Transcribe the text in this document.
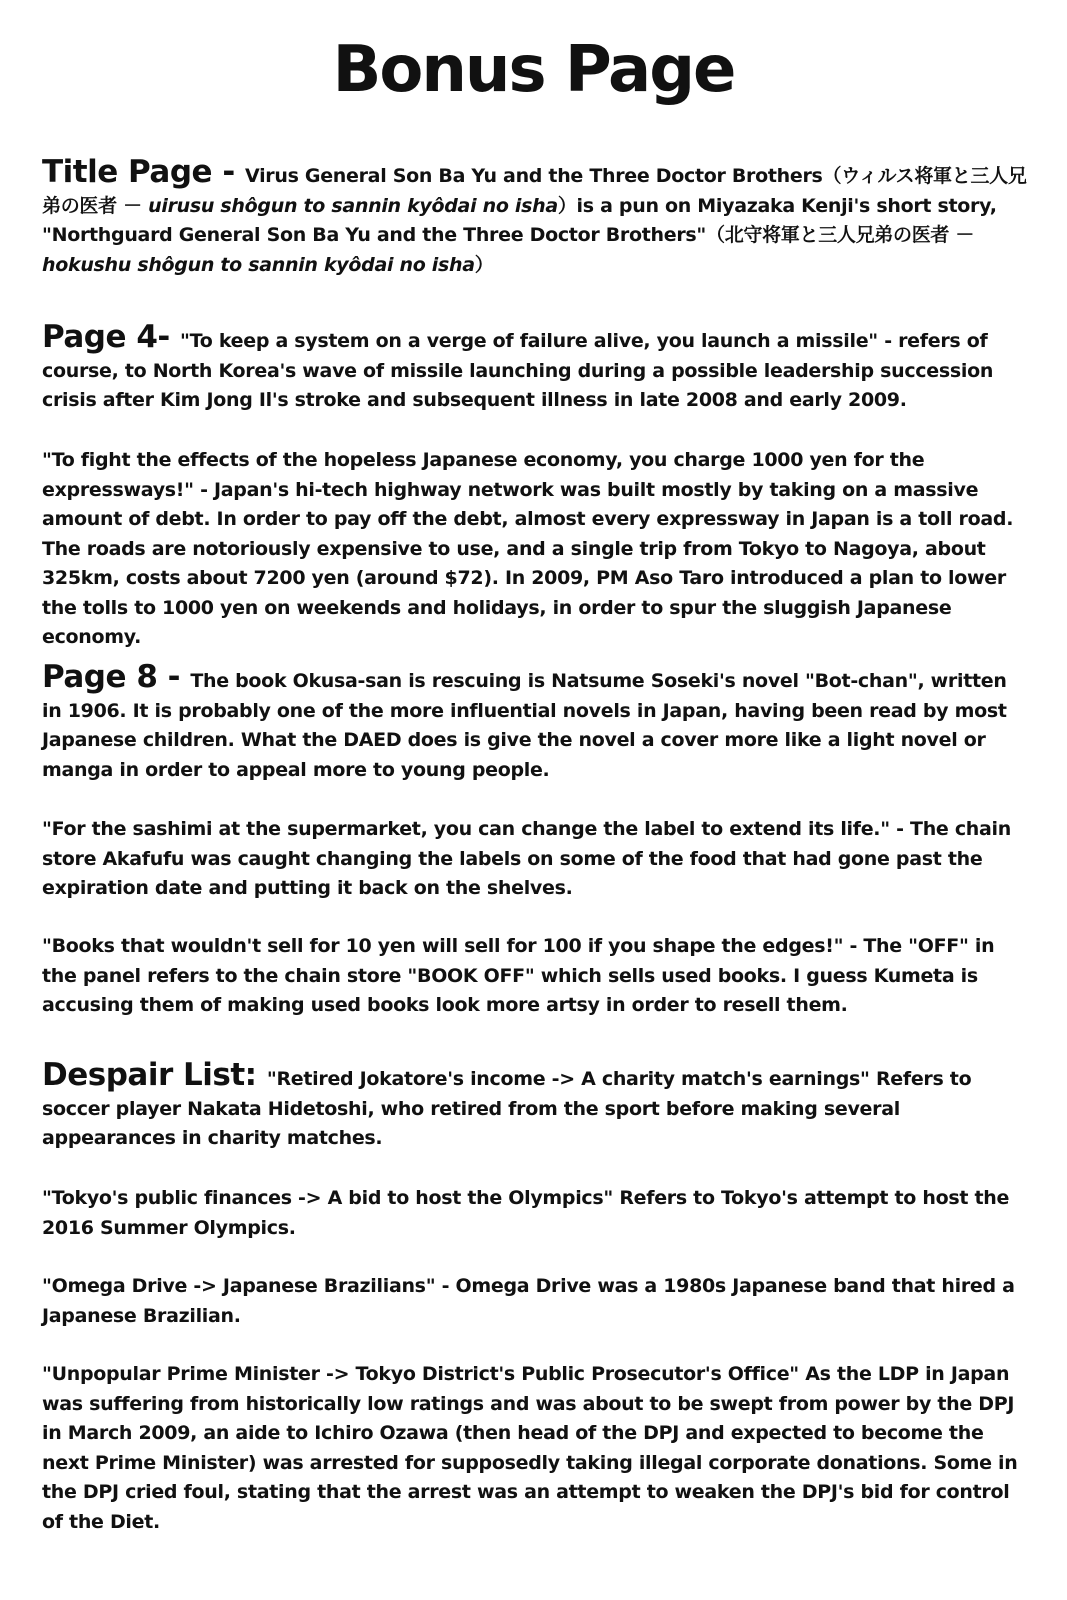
Bonus Page
Title Page - Virus General Son Ba Yu and the Three Doctor Brothers（ウィルス将軍と三人兄弟の医者 － uirusu shôgun to sannin kyôdai no isha）is a pun on Miyazaka Kenji's short story, "Northguard General Son Ba Yu and the Three Doctor Brothers"（北守将軍と三人兄弟の医者 － hokushu shôgun to sannin kyôdai no isha）
Page 4- "To keep a system on a verge of failure alive, you launch a missile" - refers of course, to North Korea's wave of missile launching during a possible leadership succession crisis after Kim Jong Il's stroke and subsequent illness in late 2008 and early 2009.
"To fight the effects of the hopeless Japanese economy, you charge 1000 yen for the expressways!" - Japan's hi-tech highway network was built mostly by taking on a massive amount of debt. In order to pay off the debt, almost every expressway in Japan is a toll road. The roads are notoriously expensive to use, and a single trip from Tokyo to Nagoya, about 325km, costs about 7200 yen (around $72). In 2009, PM Aso Taro introduced a plan to lower the tolls to 1000 yen on weekends and holidays, in order to spur the sluggish Japanese economy.
Page 8 - The book Okusa-san is rescuing is Natsume Soseki's novel "Bot-chan", written in 1906. It is probably one of the more influential novels in Japan, having been read by most Japanese children. What the DAED does is give the novel a cover more like a light novel or manga in order to appeal more to young people.
"For the sashimi at the supermarket, you can change the label to extend its life." - The chain store Akafufu was caught changing the labels on some of the food that had gone past the expiration date and putting it back on the shelves.
"Books that wouldn't sell for 10 yen will sell for 100 if you shape the edges!" - The "OFF" in the panel refers to the chain store "BOOK OFF" which sells used books. I guess Kumeta is accusing them of making used books look more artsy in order to resell them.
Despair List: "Retired Jokatore's income -> A charity match's earnings" Refers to soccer player Nakata Hidetoshi, who retired from the sport before making several appearances in charity matches.
"Tokyo's public finances -> A bid to host the Olympics" Refers to Tokyo's attempt to host the 2016 Summer Olympics.
"Omega Drive -> Japanese Brazilians" - Omega Drive was a 1980s Japanese band that hired a Japanese Brazilian.
"Unpopular Prime Minister -> Tokyo District's Public Prosecutor's Office" As the LDP in Japan was suffering from historically low ratings and was about to be swept from power by the DPJ in March 2009, an aide to Ichiro Ozawa (then head of the DPJ and expected to become the next Prime Minister) was arrested for supposedly taking illegal corporate donations. Some in the DPJ cried foul, stating that the arrest was an attempt to weaken the DPJ's bid for control of the Diet.
